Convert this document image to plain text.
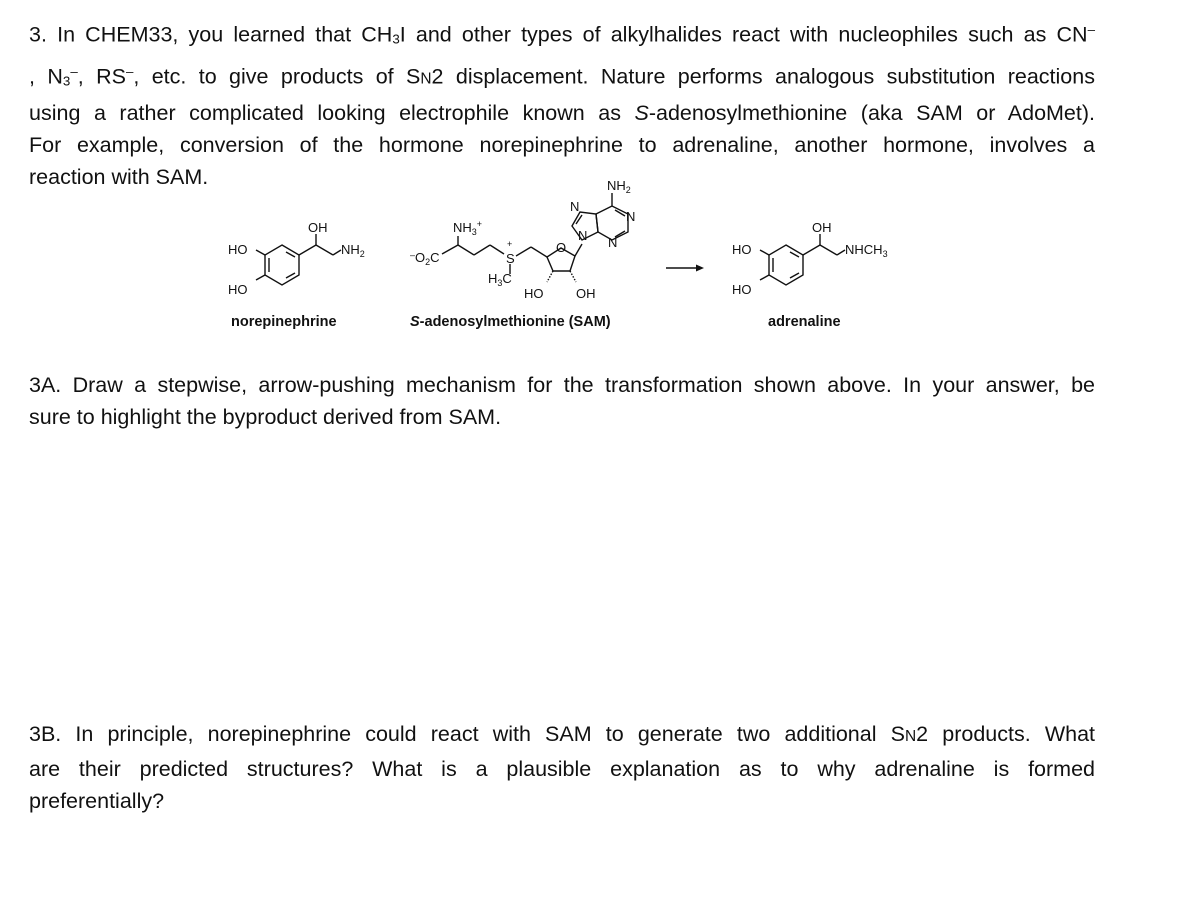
3. In CHEM33, you learned that CH3I and other types of alkylhalides react with nucleophiles such as CN–
, N3–, RS–, etc. to give products of SN2 displacement. Nature performs analogous substitution reactions
using a rather complicated looking electrophile known as S-adenosylmethionine (aka SAM or AdoMet).
For example, conversion of the hormone norepinephrine to adrenaline, another hormone, involves a
reaction with SAM.
OH
HO
HO
$NH_2$
norepinephrine
$^-O_2C$
$NH_3^+$
+
S
$H_3C$
O
N
N
N
N
$NH_2$
HO	OH
S-adenosylmethionine (SAM)
OH
HO
HO
$NHCH_3$
adrenaline
3A. Draw a stepwise, arrow-pushing mechanism for the transformation shown above. In your answer, be
sure to highlight the byproduct derived from SAM.
3B. In principle, norepinephrine could react with SAM to generate two additional SN2 products. What
are their predicted structures? What is a plausible explanation as to why adrenaline is formed
preferentially?
